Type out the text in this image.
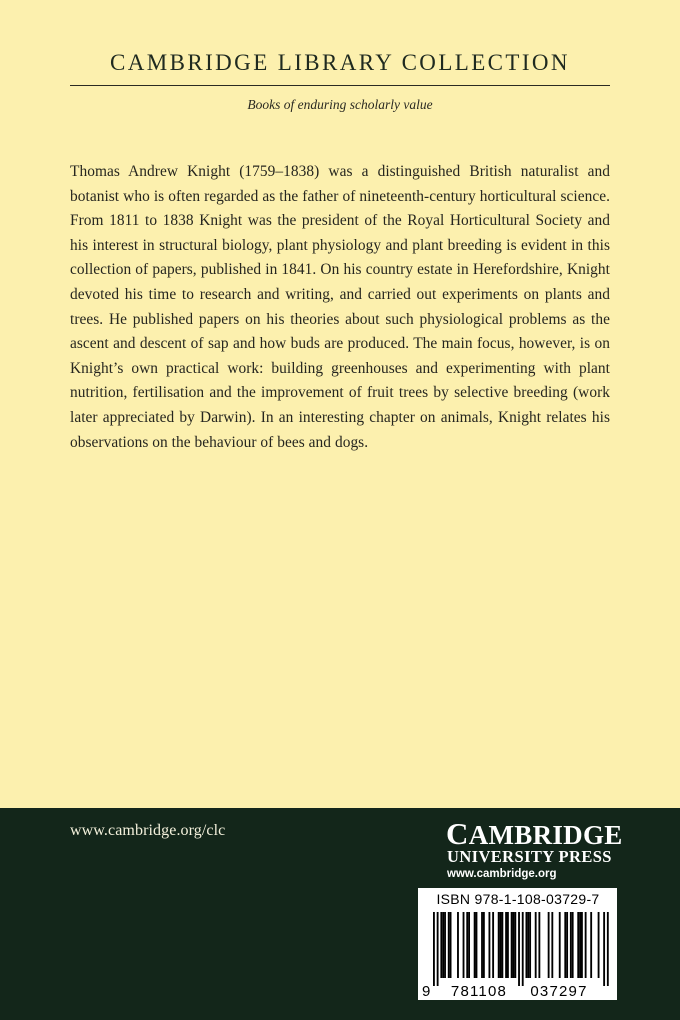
CAMBRIDGE LIBRARY COLLECTION
Books of enduring scholarly value

Thomas Andrew Knight (1759–1838) was a distinguished British naturalist and botanist who is often regarded as the father of nineteenth-century horticultural science. From 1811 to 1838 Knight was the president of the Royal Horticultural Society and his interest in structural biology, plant physiology and plant breeding is evident in this collection of papers, published in 1841. On his country estate in Herefordshire, Knight devoted his time to research and writing, and carried out experiments on plants and trees. He published papers on his theories about such physiological problems as the ascent and descent of sap and how buds are produced. The main focus, however, is on Knight’s own practical work: building greenhouses and experimenting with plant nutrition, fertilisation and the improvement of fruit trees by selective breeding (work later appreciated by Darwin). In an interesting chapter on animals, Knight relates his observations on the behaviour of bees and dogs.

www.cambridge.org/clc	CAMBRIDGE
UNIVERSITY PRESS
www.cambridge.org
ISBN 978-1-108-03729-7
9 781108 037297
